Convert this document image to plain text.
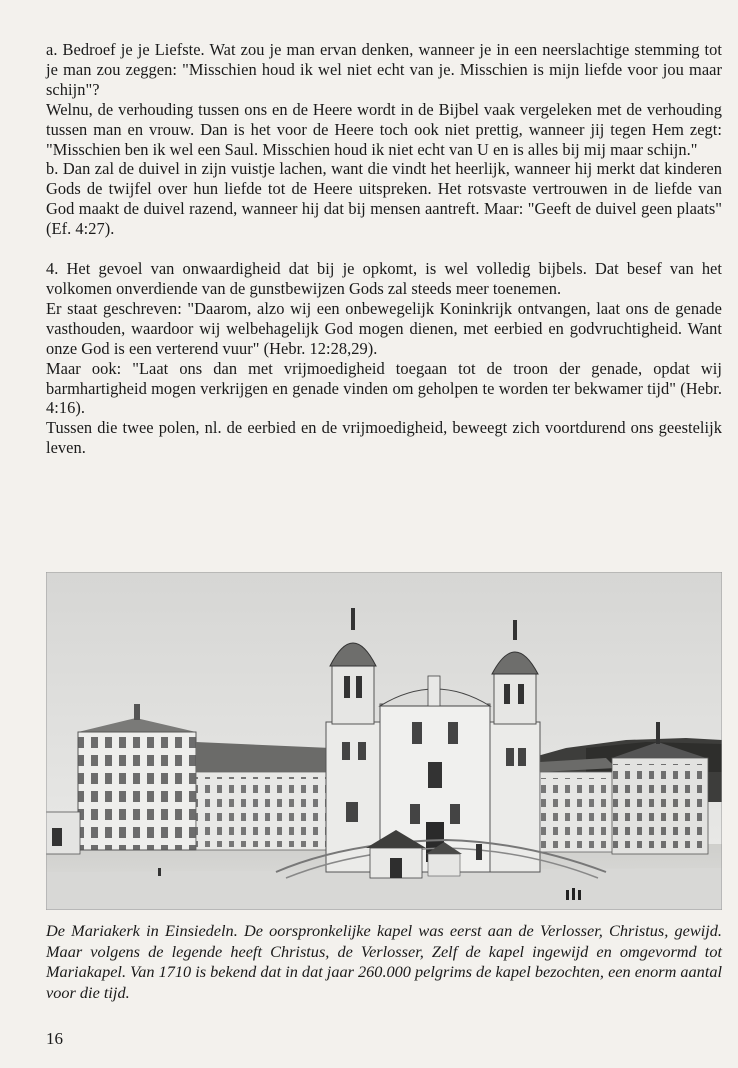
a. Bedroef je je Liefste. Wat zou je man ervan denken, wanneer je in een neerslachtige stemming tot je man zou zeggen: "Misschien houd ik wel niet echt van je. Misschien is mijn liefde voor jou maar schijn"?

Welnu, de verhouding tussen ons en de Heere wordt in de Bijbel vaak vergeleken met de verhouding tussen man en vrouw. Dan is het voor de Heere toch ook niet prettig, wanneer jij tegen Hem zegt: "Misschien ben ik wel een Saul. Misschien houd ik niet echt van U en is alles bij mij maar schijn."

b. Dan zal de duivel in zijn vuistje lachen, want die vindt het heerlijk, wanneer hij merkt dat kinderen Gods de twijfel over hun liefde tot de Heere uitspreken. Het rotsvaste vertrouwen in de liefde van God maakt de duivel razend, wanneer hij dat bij mensen aantreft. Maar: "Geeft de duivel geen plaats" (Ef. 4:27).

4. Het gevoel van onwaardigheid dat bij je opkomt, is wel volledig bijbels. Dat besef van het volkomen onverdiende van de gunstbewijzen Gods zal steeds meer toenemen.

Er staat geschreven: "Daarom, alzo wij een onbewegelijk Koninkrijk ontvangen, laat ons de genade vasthouden, waardoor wij welbehagelijk God mogen dienen, met eerbied en godvruchtigheid. Want onze God is een verterend vuur" (Hebr. 12:28,29).

Maar ook: "Laat ons dan met vrijmoedigheid toegaan tot de troon der genade, opdat wij barmhartigheid mogen verkrijgen en genade vinden om geholpen te worden ter bekwamer tijd" (Hebr. 4:16).

Tussen die twee polen, nl. de eerbied en de vrijmoedigheid, beweegt zich voortdurend ons geestelijk leven.

De Mariakerk in Einsiedeln. De oorspronkelijke kapel was eerst aan de Verlosser, Christus, gewijd. Maar volgens de legende heeft Christus, de Verlosser, Zelf de kapel ingewijd en omgevormd tot Mariakapel. Van 1710 is bekend dat in dat jaar 260.000 pelgrims de kapel bezochten, een enorm aantal voor die tijd.
16
